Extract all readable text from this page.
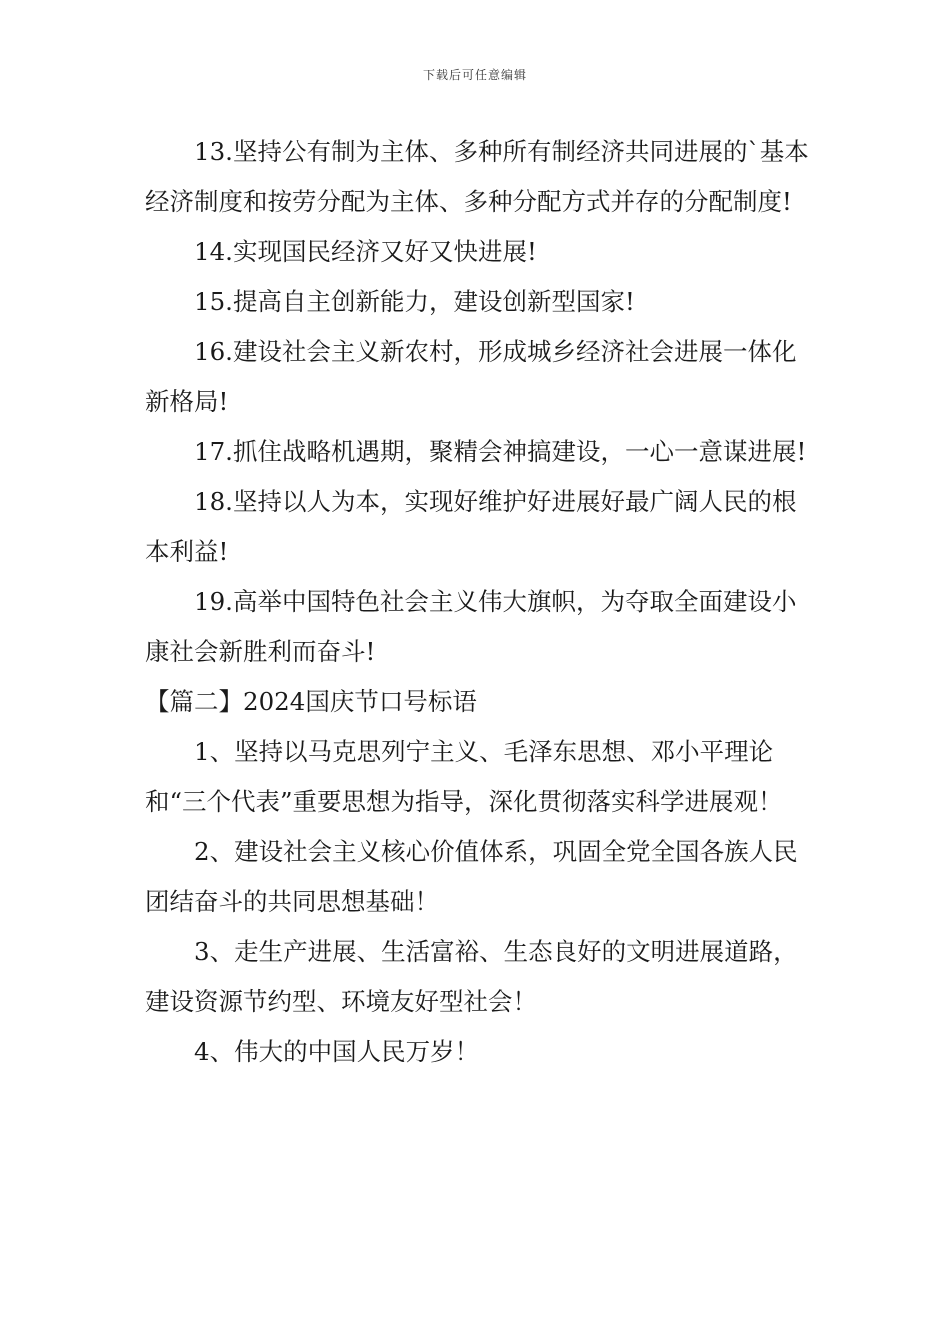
下载后可任意编辑

13.坚持公有制为主体、多种所有制经济共同进展的`基本经济制度和按劳分配为主体、多种分配方式并存的分配制度!

14.实现国民经济又好又快进展!

15.提高自主创新能力，建设创新型国家!

16.建设社会主义新农村，形成城乡经济社会进展一体化新格局!

17.抓住战略机遇期，聚精会神搞建设，一心一意谋进展!

18.坚持以人为本，实现好维护好进展好最广阔人民的根本利益!

19.高举中国特色社会主义伟大旗帜，为夺取全面建设小康社会新胜利而奋斗!

【篇二】2024国庆节口号标语

1、坚持以马克思列宁主义、毛泽东思想、邓小平理论和“三个代表”重要思想为指导，深化贯彻落实科学进展观！

2、建设社会主义核心价值体系，巩固全党全国各族人民团结奋斗的共同思想基础！

3、走生产进展、生活富裕、生态良好的文明进展道路，建设资源节约型、环境友好型社会！

4、伟大的中国人民万岁！
